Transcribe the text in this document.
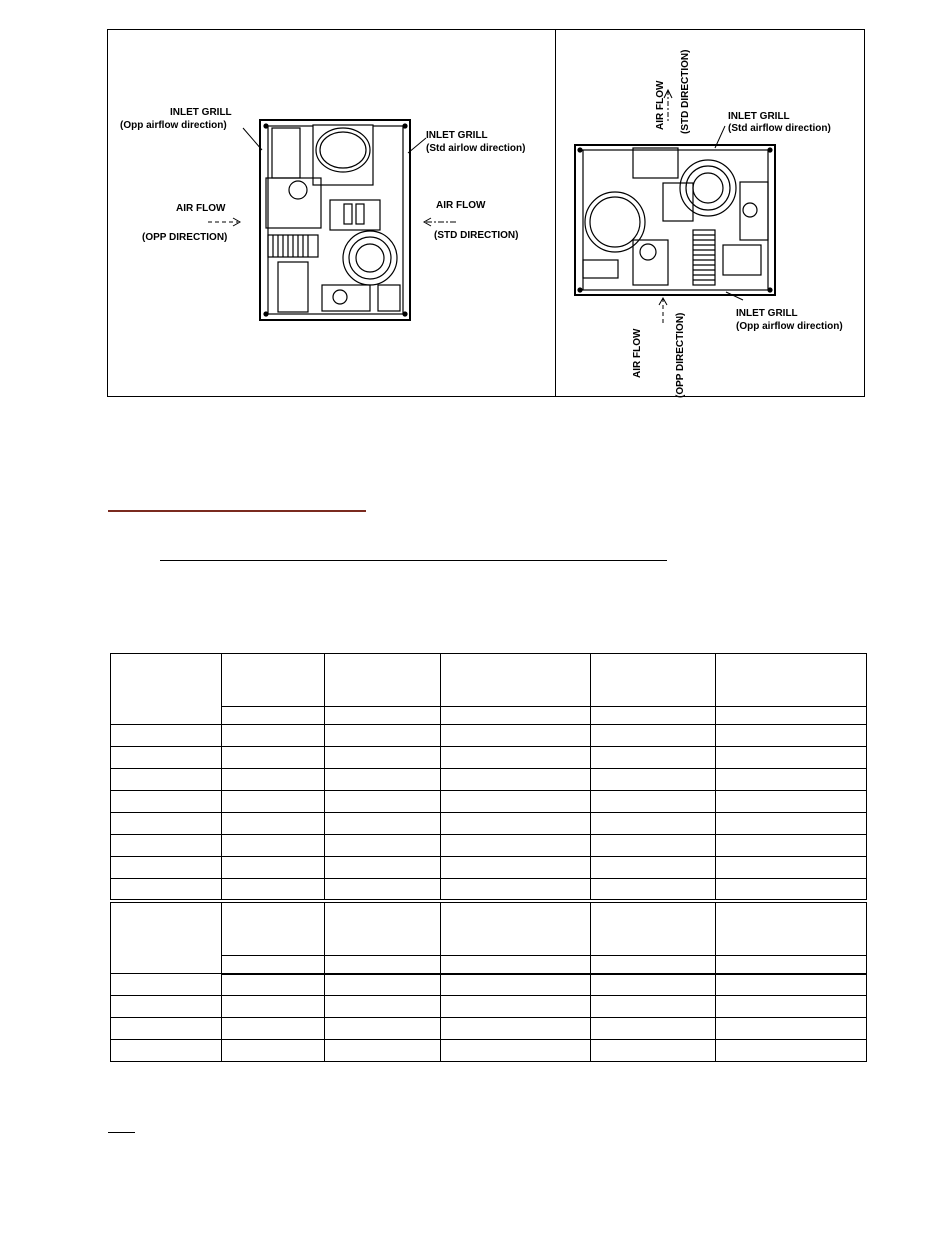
INLET GRILL
(Opp airflow direction)
INLET GRILL
(Std airlow direction)
AIR FLOW
(OPP DIRECTION)
AIR FLOW
(STD DIRECTION)
AIR FLOW (STD DIRECTION)	INLET GRILL
(Std airflow direction)
INLET GRILL
(Opp airflow direction)
AIR FLOW	(OPP DIRECTION)
